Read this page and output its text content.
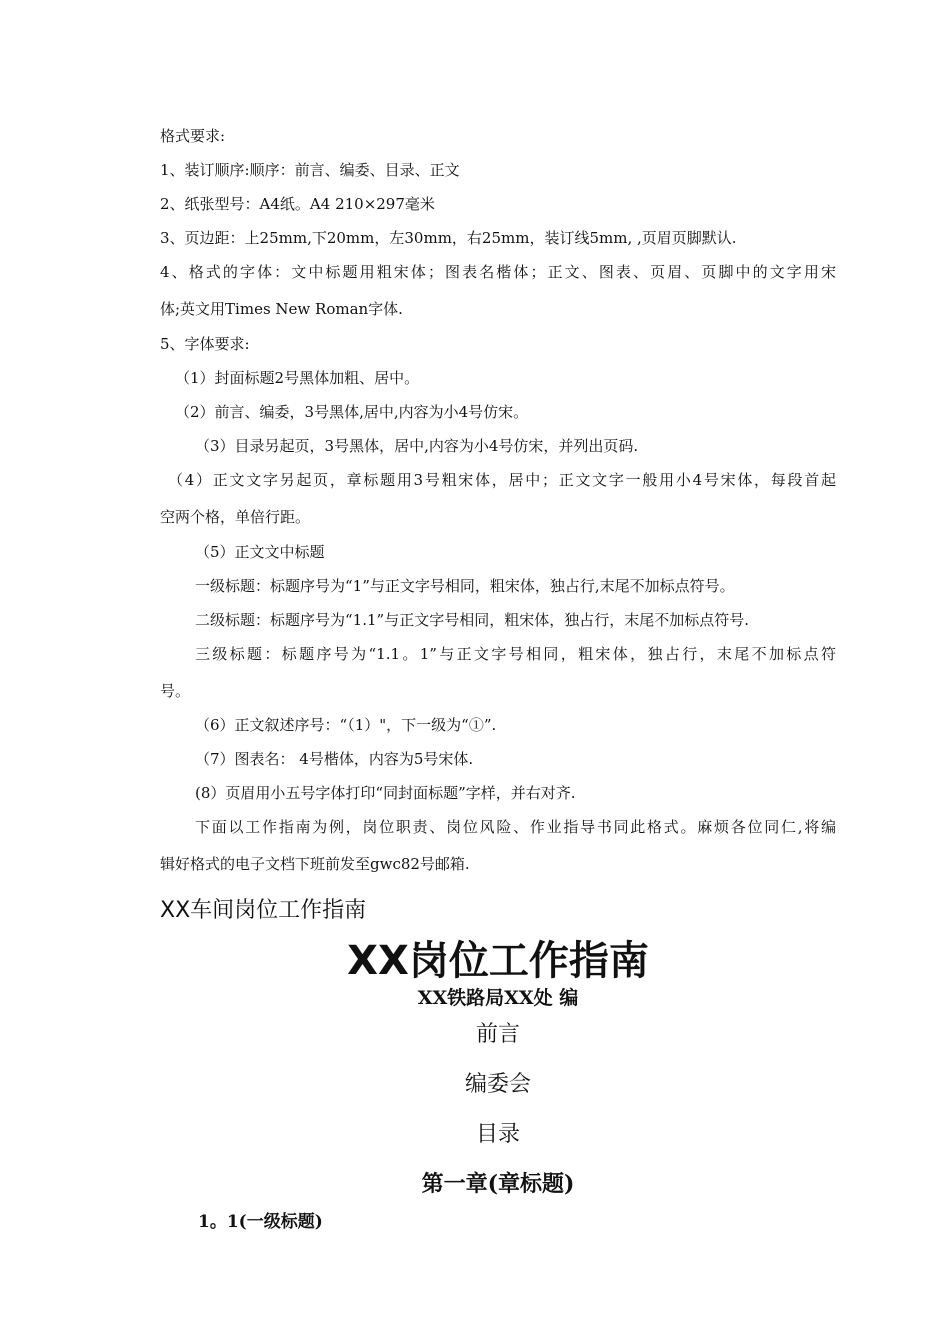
格式要求:
1、装订顺序:顺序：前言、编委、目录、正文
2、纸张型号：A4纸。A4 210×297毫米
3、页边距：上25mm,下20mm，左30mm，右25mm，装订线5mm, ,页眉页脚默认.
4、格式的字体：文中标题用粗宋体；图表名楷体；正文、图表、页眉、页脚中的文字用宋
体;英文用Times New Roman字体.
5、字体要求:
（1）封面标题2号黑体加粗、居中。
（2）前言、编委，3号黑体,居中,内容为小4号仿宋。
（3）目录另起页，3号黑体，居中,内容为小4号仿宋，并列出页码.
（4）正文文字另起页，章标题用3号粗宋体，居中；正文文字一般用小4号宋体，每段首起
空两个格，单倍行距。
（5）正文文中标题
一级标题：标题序号为“1”与正文字号相同，粗宋体，独占行,末尾不加标点符号。
二级标题：标题序号为“1.1”与正文字号相同，粗宋体，独占行，末尾不加标点符号.
三级标题：标题序号为“1.1。1”与正文字号相同，粗宋体，独占行，末尾不加标点符
号。
（6）正文叙述序号：“（1）"，下一级为“①”.
（7）图表名： 4号楷体，内容为5号宋体.
(8）页眉用小五号字体打印“同封面标题”字样，并右对齐.
下面以工作指南为例，岗位职责、岗位风险、作业指导书同此格式。麻烦各位同仁,将编
辑好格式的电子文档下班前发至gwc82号邮箱.
XX车间岗位工作指南
XX岗位工作指南
XX铁路局XX处 编
前言
编委会
目录
第一章(章标题)
1。1(一级标题)
